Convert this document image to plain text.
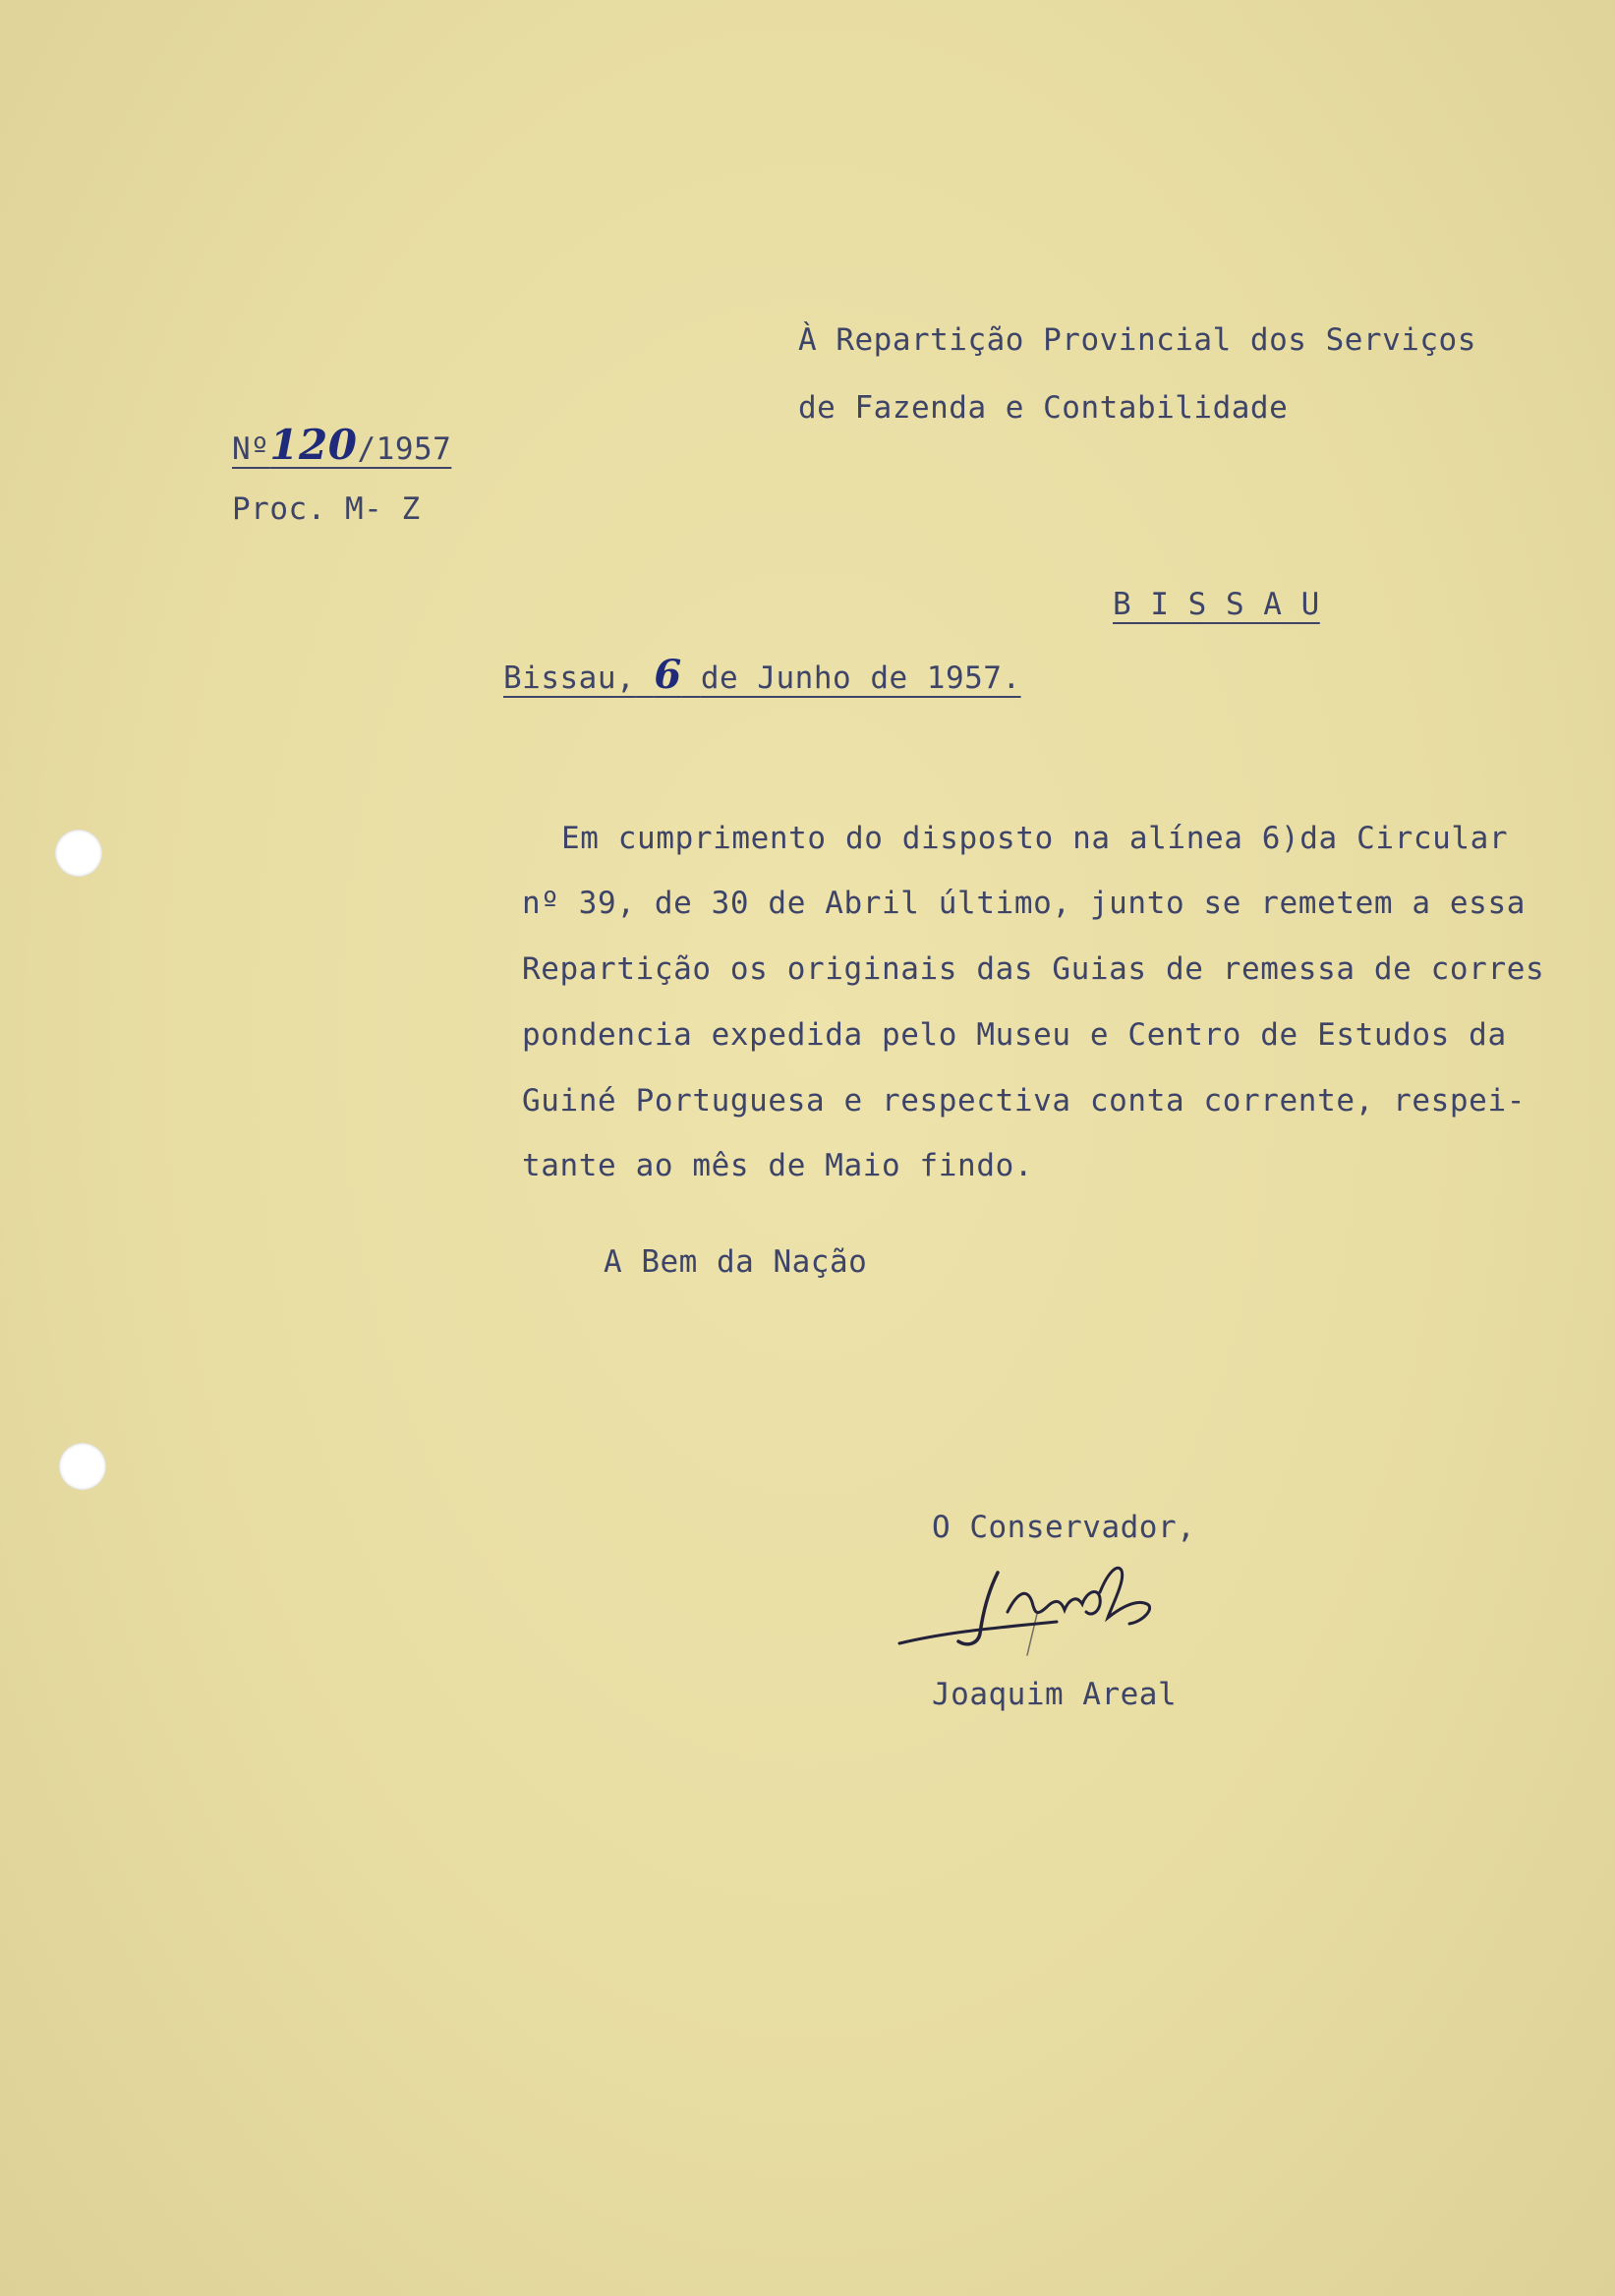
À Repartição Provincial dos Serviços
de Fazenda e Contabilidade
Nº120/1957
Proc. M- Z
B I S S A U
Bissau, 6 de Junho de 1957.
Em cumprimento do disposto na alínea 6)da Circular
nº 39, de 30 de Abril último, junto se remetem a essa
Repartição os originais das Guias de remessa de corres
pondencia expedida pelo Museu e Centro de Estudos da
Guiné Portuguesa e respectiva conta corrente, respei-
tante ao mês de Maio findo.
A Bem da Nação
O Conservador,
Joaquim Areal
